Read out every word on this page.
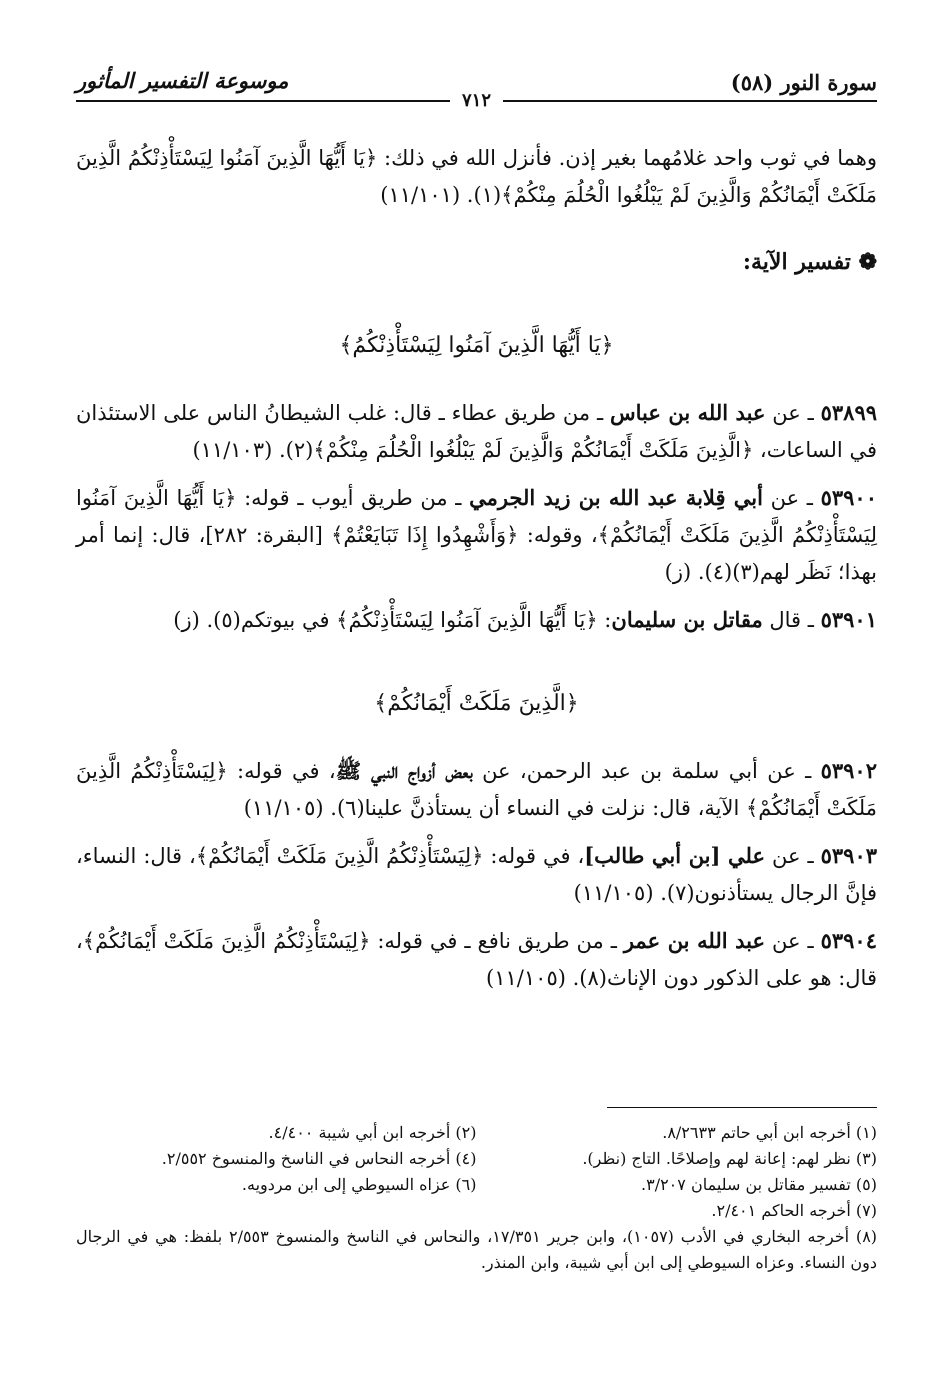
سورة النور (٥٨)
موسوعة التفسير المأثور
٧١٢

وهما في ثوب واحد غلامُهما بغير إذن. فأنزل الله في ذلك: ﴿يَا أَيُّهَا الَّذِينَ آمَنُوا لِيَسْتَأْذِنْكُمُ الَّذِينَ مَلَكَتْ أَيْمَانُكُمْ وَالَّذِينَ لَمْ يَبْلُغُوا الْحُلُمَ مِنْكُمْ﴾(١). (١١/١٠١)

❁ تفسير الآية:

﴿يَا أَيُّهَا الَّذِينَ آمَنُوا لِيَسْتَأْذِنْكُمُ﴾

٥٣٨٩٩ ـ عن عبد الله بن عباس ـ من طريق عطاء ـ قال: غلب الشيطانُ الناس على الاستئذان في الساعات، ﴿الَّذِينَ مَلَكَتْ أَيْمَانُكُمْ وَالَّذِينَ لَمْ يَبْلُغُوا الْحُلُمَ مِنْكُمْ﴾(٢). (١١/١٠٣)

٥٣٩٠٠ ـ عن أبي قِلابة عبد الله بن زيد الجرمي ـ من طريق أيوب ـ قوله: ﴿يَا أَيُّهَا الَّذِينَ آمَنُوا لِيَسْتَأْذِنْكُمُ الَّذِينَ مَلَكَتْ أَيْمَانُكُمْ﴾، وقوله: ﴿وَأَشْهِدُوا إِذَا تَبَايَعْتُمْ﴾ [البقرة: ٢٨٢]، قال: إنما أمر بهذا؛ نَظَر لهم(٣)(٤). (ز)

٥٣٩٠١ ـ قال مقاتل بن سليمان: ﴿يَا أَيُّهَا الَّذِينَ آمَنُوا لِيَسْتَأْذِنْكُمُ﴾ في بيوتكم(٥). (ز)

﴿الَّذِينَ مَلَكَتْ أَيْمَانُكُمْ﴾

٥٣٩٠٢ ـ عن أبي سلمة بن عبد الرحمن، عن بعض أزواج النبي ﷺ، في قوله: ﴿لِيَسْتَأْذِنْكُمُ الَّذِينَ مَلَكَتْ أَيْمَانُكُمْ﴾ الآية، قال: نزلت في النساء أن يستأذنَّ علينا(٦). (١١/١٠٥)

٥٣٩٠٣ ـ عن علي [بن أبي طالب]، في قوله: ﴿لِيَسْتَأْذِنْكُمُ الَّذِينَ مَلَكَتْ أَيْمَانُكُمْ﴾، قال: النساء، فإنَّ الرجال يستأذنون(٧). (١١/١٠٥)

٥٣٩٠٤ ـ عن عبد الله بن عمر ـ من طريق نافع ـ في قوله: ﴿لِيَسْتَأْذِنْكُمُ الَّذِينَ مَلَكَتْ أَيْمَانُكُمْ﴾، قال: هو على الذكور دون الإناث(٨). (١١/١٠٥)

(١) أخرجه ابن أبي حاتم ٨/٢٦٣٣.
(٢) أخرجه ابن أبي شيبة ٤/٤٠٠.
(٣) نظر لهم: إعانة لهم وإصلاحًا. التاج (نظر).
(٤) أخرجه النحاس في الناسخ والمنسوخ ٢/٥٥٢.
(٥) تفسير مقاتل بن سليمان ٣/٢٠٧.
(٦) عزاه السيوطي إلى ابن مردويه.
(٧) أخرجه الحاكم ٢/٤٠١.
(٨) أخرجه البخاري في الأدب (١٠٥٧)، وابن جرير ١٧/٣٥١، والنحاس في الناسخ والمنسوخ ٢/٥٥٣ بلفظ: هي في الرجال دون النساء. وعزاه السيوطي إلى ابن أبي شيبة، وابن المنذر.
